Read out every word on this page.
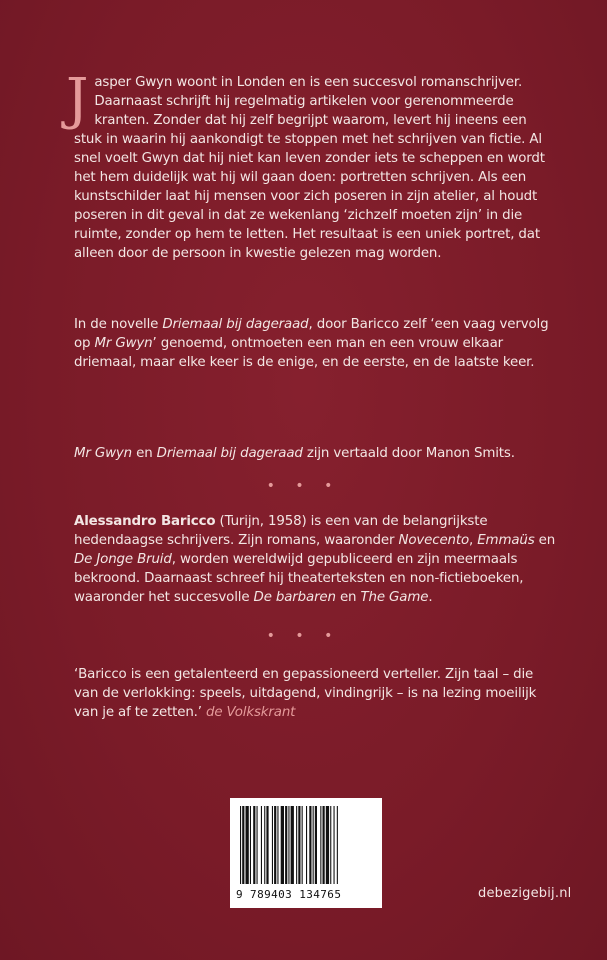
Jasper Gwyn woont in Londen en is een succesvol romanschrijver. Daarnaast schrijft hij regelmatig artikelen voor gerenommeerde kranten. Zonder dat hij zelf begrijpt waarom, levert hij ineens een stuk in waarin hij aankondigt te stoppen met het schrijven van fictie. Al snel voelt Gwyn dat hij niet kan leven zonder iets te scheppen en wordt het hem duidelijk wat hij wil gaan doen: portretten schrijven. Als een kunstschilder laat hij mensen voor zich poseren in zijn atelier, al houdt poseren in dit geval in dat ze wekenlang ‘zichzelf moeten zijn’ in die ruimte, zonder op hem te letten. Het resultaat is een uniek portret, dat alleen door de persoon in kwestie gelezen mag worden.
In de novelle Driemaal bij dageraad, door Baricco zelf ‘een vaag vervolg op Mr Gwyn’ genoemd, ontmoeten een man en een vrouw elkaar driemaal, maar elke keer is de enige, en de eerste, en de laatste keer.
Mr Gwyn en Driemaal bij dageraad zijn vertaald door Manon Smits.
• • •
Alessandro Baricco (Turijn, 1958) is een van de belangrijkste hedendaagse schrijvers. Zijn romans, waaronder Novecento, Emmaüs en De Jonge Bruid, worden wereldwijd gepubliceerd en zijn meermaals bekroond. Daarnaast schreef hij theaterteksten en non-fictieboeken, waaronder het succesvolle De barbaren en The Game.
• • •
‘Baricco is een getalenteerd en gepassioneerd verteller. Zijn taal – die van de verlokking: speels, uitdagend, vindingrijk – is na lezing moeilijk van je af te zetten.’ de Volkskrant
9 789403 134765	debezigebij.nl
